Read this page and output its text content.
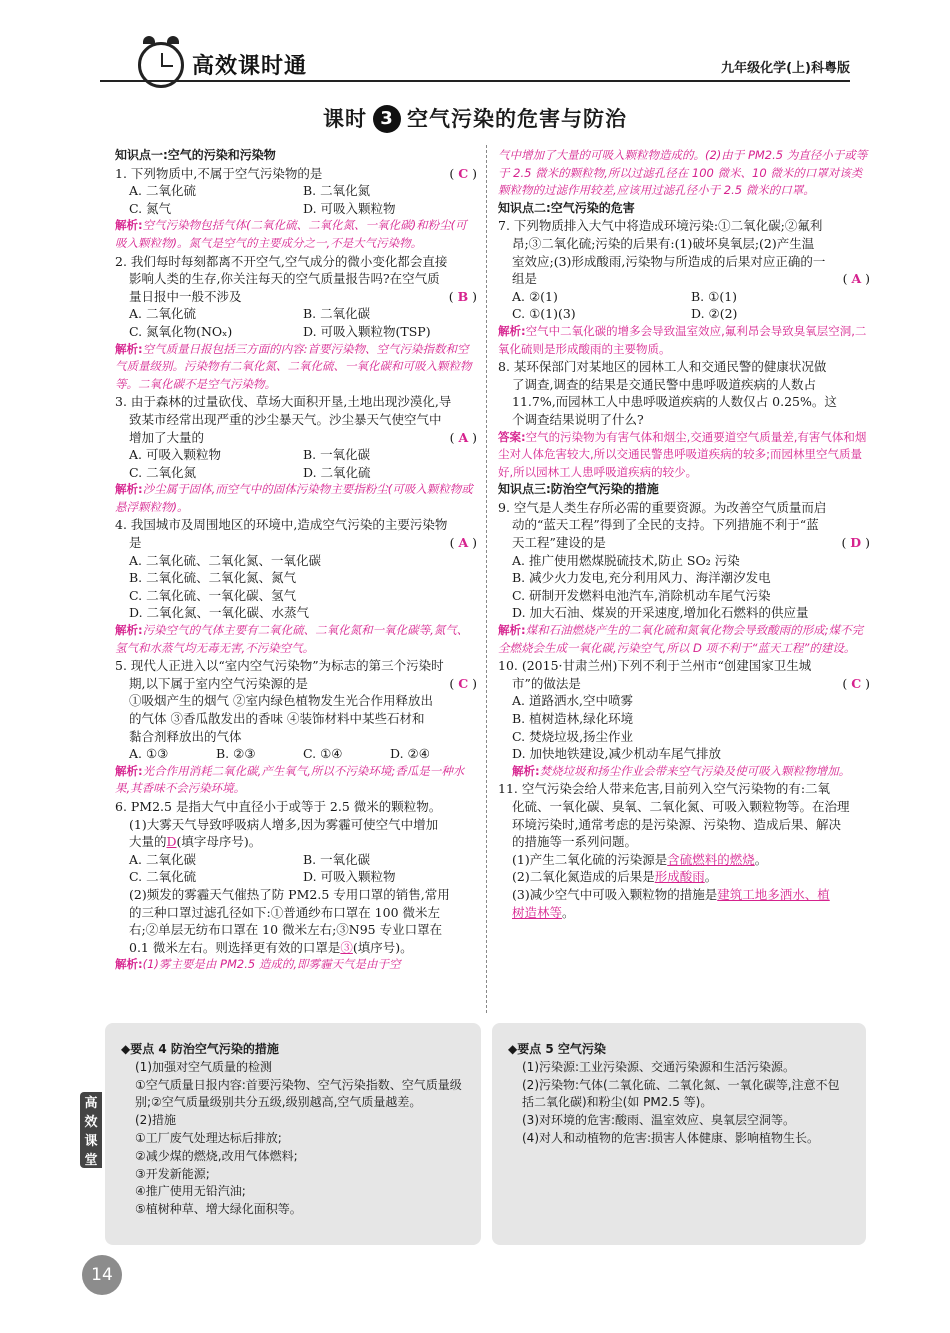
高效课时通	九年级化学(上)科粤版
课时 3 空气污染的危害与防治
知识点一:空气的污染和污染物
1. 下列物质中,不属于空气污染物的是	( C )
A. 二氧化硫	B. 二氧化氮
C. 氮气	D. 可吸入颗粒物
解析:空气污染物包括气体(二氧化硫、二氧化氮、一氧化碳)和粉尘(可吸入颗粒物)。氮气是空气的主要成分之一,不是大气污染物。
2. 我们每时每刻都离不开空气,空气成分的微小变化都会直接
影响人类的生存,你关注每天的空气质量报告吗?在空气质
量日报中一般不涉及	( B )
A. 二氧化硫	B. 二氧化碳
C. 氮氧化物(NOₓ)	D. 可吸入颗粒物(TSP)
解析:空气质量日报包括三方面的内容:首要污染物、空气污染指数和空气质量级别。污染物有二氧化氮、二氧化硫、一氧化碳和可吸入颗粒物等。二氧化碳不是空气污染物。
3. 由于森林的过量砍伐、草场大面积开垦,土地出现沙漠化,导
致某市经常出现严重的沙尘暴天气。沙尘暴天气使空气中
增加了大量的	( A )
A. 可吸入颗粒物	B. 一氧化碳
C. 二氧化氮	D. 二氧化硫
解析:沙尘属于固体,而空气中的固体污染物主要指粉尘(可吸入颗粒物或悬浮颗粒物)。
4. 我国城市及周围地区的环境中,造成空气污染的主要污染物
是	( A )
A. 二氧化硫、二氧化氮、一氧化碳
B. 二氧化硫、二氧化氮、氮气
C. 二氧化硫、一氧化碳、氢气
D. 二氧化氮、一氧化碳、水蒸气
解析:污染空气的气体主要有二氧化硫、二氧化氮和一氧化碳等,氮气、氢气和水蒸气均无毒无害,不污染空气。
5. 现代人正进入以“室内空气污染物”为标志的第三个污染时
期,以下属于室内空气污染源的是	( C )
①吸烟产生的烟气 ②室内绿色植物发生光合作用释放出
的气体 ③香瓜散发出的香味 ④装饰材料中某些石材和
黏合剂释放出的气体
A. ①③	B. ②③	C. ①④	D. ②④
解析:光合作用消耗二氧化碳,产生氧气,所以不污染环境;香瓜是一种水果,其香味不会污染环境。
6. PM2.5 是指大气中直径小于或等于 2.5 微米的颗粒物。
(1)大雾天气导致呼吸病人增多,因为雾霾可使空气中增加
大量的D(填字母序号)。
A. 二氧化碳	B. 一氧化碳
C. 二氧化硫	D. 可吸入颗粒物
(2)频发的雾霾天气催热了防 PM2.5 专用口罩的销售,常用
的三种口罩过滤孔径如下:①普通纱布口罩在 100 微米左
右;②单层无纺布口罩在 10 微米左右;③N95 专业口罩在
0.1 微米左右。则选择更有效的口罩是③(填序号)。
解析:(1)雾主要是由 PM2.5 造成的,即雾霾天气是由于空
气中增加了大量的可吸入颗粒物造成的。(2)由于 PM2.5 为直径小于或等于 2.5 微米的颗粒物,所以过滤孔径在 100 微米、10 微米的口罩对该类颗粒物的过滤作用较差,应该用过滤孔径小于 2.5 微米的口罩。
知识点二:空气污染的危害
7. 下列物质排入大气中将造成环境污染:①二氧化碳;②氟利
昂;③二氧化硫;污染的后果有:(1)破坏臭氧层;(2)产生温
室效应;(3)形成酸雨,污染物与所造成的后果对应正确的一
组是	( A )
A. ②(1)	B. ①(1)
C. ①(1)(3)	D. ②(2)
解析:空气中二氧化碳的增多会导致温室效应,氟利昂会导致臭氧层空洞,二氧化硫则是形成酸雨的主要物质。
8. 某环保部门对某地区的园林工人和交通民警的健康状况做
了调查,调查的结果是交通民警中患呼吸道疾病的人数占
11.7%,而园林工人中患呼吸道疾病的人数仅占 0.25%。这
个调查结果说明了什么?
答案:空气的污染物为有害气体和烟尘,交通要道空气质量差,有害气体和烟尘对人体危害较大,所以交通民警患呼吸道疾病的较多;而园林里空气质量好,所以园林工人患呼吸道疾病的较少。
知识点三:防治空气污染的措施
9. 空气是人类生存所必需的重要资源。为改善空气质量而启
动的“蓝天工程”得到了全民的支持。下列措施不利于“蓝
天工程”建设的是	( D )
A. 推广使用燃煤脱硫技术,防止 SO₂ 污染
B. 减少火力发电,充分利用风力、海洋潮汐发电
C. 研制开发燃料电池汽车,消除机动车尾气污染
D. 加大石油、煤炭的开采速度,增加化石燃料的供应量
解析:煤和石油燃烧产生的二氧化硫和氮氧化物会导致酸雨的形成;煤不完全燃烧会生成一氧化碳,污染空气,所以 D 项不利于“蓝天工程”的建设。
10. (2015·甘肃兰州)下列不利于兰州市“创建国家卫生城
市”的做法是	( C )
A. 道路洒水,空中喷雾
B. 植树造林,绿化环境
C. 焚烧垃圾,扬尘作业
D. 加快地铁建设,减少机动车尾气排放
解析:焚烧垃圾和扬尘作业会带来空气污染及使可吸入颗粒物增加。
11. 空气污染会给人带来危害,目前列入空气污染物的有:二氧
化硫、一氧化碳、臭氧、二氧化氮、可吸入颗粒物等。在治理
环境污染时,通常考虑的是污染源、污染物、造成后果、解决
的措施等一系列问题。
(1)产生二氧化硫的污染源是含硫燃料的燃烧。
(2)二氧化氮造成的后果是形成酸雨。
(3)减少空气中可吸入颗粒物的措施是建筑工地多洒水、植
树造林等。
◆要点 4 防治空气污染的措施
(1)加强对空气质量的检测
①空气质量日报内容:首要污染物、空气污染指数、空气质量级别;②空气质量级别共分五级,级别越高,空气质量越差。
(2)措施
①工厂废气处理达标后排放;
②减少煤的燃烧,改用气体燃料;
③开发新能源;
④推广使用无铅汽油;
⑤植树种草、增大绿化面积等。
◆要点 5 空气污染
(1)污染源:工业污染源、交通污染源和生活污染源。
(2)污染物:气体(二氧化硫、二氧化氮、一氧化碳等,注意不包括二氧化碳)和粉尘(如 PM2.5 等)。
(3)对环境的危害:酸雨、温室效应、臭氧层空洞等。
(4)对人和动植物的危害:损害人体健康、影响植物生长。
高
效
课
堂
14
